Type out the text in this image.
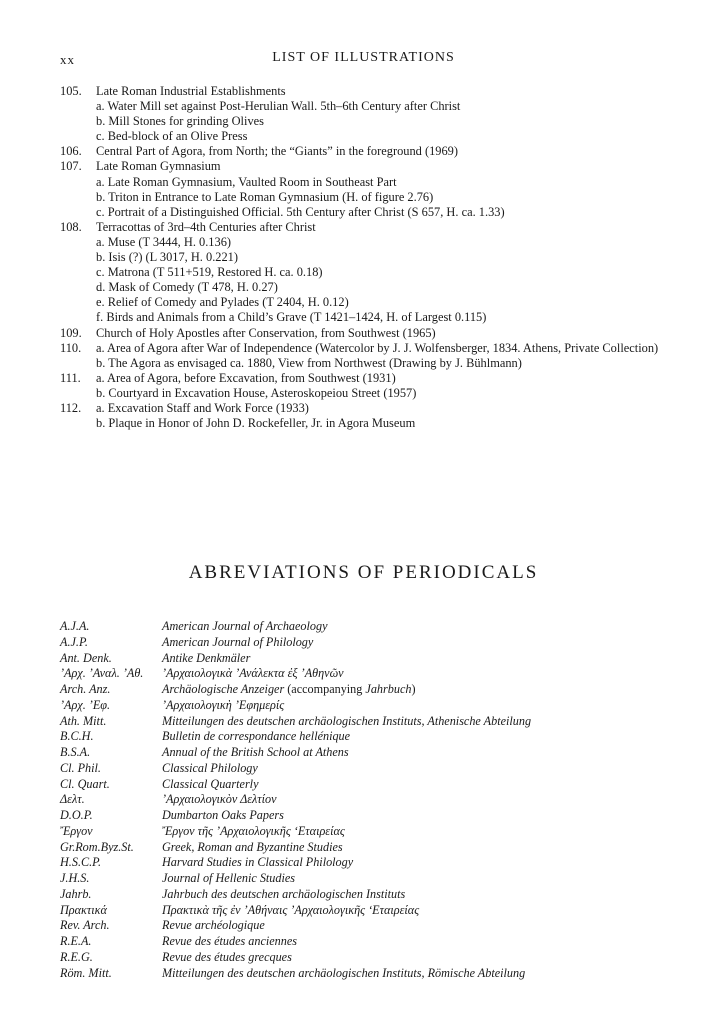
xx	LIST OF ILLUSTRATIONS
105.	Late Roman Industrial Establishments
a. Water Mill set against Post-Herulian Wall. 5th–6th Century after Christ
b. Mill Stones for grinding Olives
c. Bed-block of an Olive Press
106.	Central Part of Agora, from North; the “Giants” in the foreground (1969)
107.	Late Roman Gymnasium
a. Late Roman Gymnasium, Vaulted Room in Southeast Part
b. Triton in Entrance to Late Roman Gymnasium (H. of figure 2.76)
c. Portrait of a Distinguished Official. 5th Century after Christ (S 657, H. ca. 1.33)
108.	Terracottas of 3rd–4th Centuries after Christ
a. Muse (T 3444, H. 0.136)
b. Isis (?) (L 3017, H. 0.221)
c. Matrona (T 511+519, Restored H. ca. 0.18)
d. Mask of Comedy (T 478, H. 0.27)
e. Relief of Comedy and Pylades (T 2404, H. 0.12)
f. Birds and Animals from a Child’s Grave (T 1421–1424, H. of Largest 0.115)
109.	Church of Holy Apostles after Conservation, from Southwest (1965)
110.	a. Area of Agora after War of Independence (Watercolor by J. J. Wolfensberger, 1834. Athens, Private Collection)
b. The Agora as envisaged ca. 1880, View from Northwest (Drawing by J. Bühlmann)
111.	a. Area of Agora, before Excavation, from Southwest (1931)
b. Courtyard in Excavation House, Asteroskopeiou Street (1957)
112.	a. Excavation Staff and Work Force (1933)
b. Plaque in Honor of John D. Rockefeller, Jr. in Agora Museum
ABREVIATIONS OF PERIODICALS
A.J.A.	American Journal of Archaeology
A.J.P.	American Journal of Philology
Ant. Denk.	Antike Denkmäler
’Αρχ. ’Αναλ. ’Αθ.	’Αρχαιολογικὰ ’Ανάλεκτα ἐξ ’Αθηνῶν
Arch. Anz.	Archäologische Anzeiger (accompanying Jahrbuch)
’Αρχ. ’Εφ.	’Αρχαιολογικὴ ’Εφημερίς
Ath. Mitt.	Mitteilungen des deutschen archäologischen Instituts, Athenische Abteilung
B.C.H.	Bulletin de correspondance hellénique
B.S.A.	Annual of the British School at Athens
Cl. Phil.	Classical Philology
Cl. Quart.	Classical Quarterly
Δελτ.	’Αρχαιολογικὸν Δελτίον
D.O.P.	Dumbarton Oaks Papers
Ἔργον	Ἔργον τῆς ’Αρχαιολογικῆς ‘Εταιρείας
Gr.Rom.Byz.St.	Greek, Roman and Byzantine Studies
H.S.C.P.	Harvard Studies in Classical Philology
J.H.S.	Journal of Hellenic Studies
Jahrb.	Jahrbuch des deutschen archäologischen Instituts
Πρακτικά	Πρακτικὰ τῆς ἐν ’Αθήναις ’Αρχαιολογικῆς ‘Εταιρείας
Rev. Arch.	Revue archéologique
R.E.A.	Revue des études anciennes
R.E.G.	Revue des études grecques
Röm. Mitt.	Mitteilungen des deutschen archäologischen Instituts, Römische Abteilung
